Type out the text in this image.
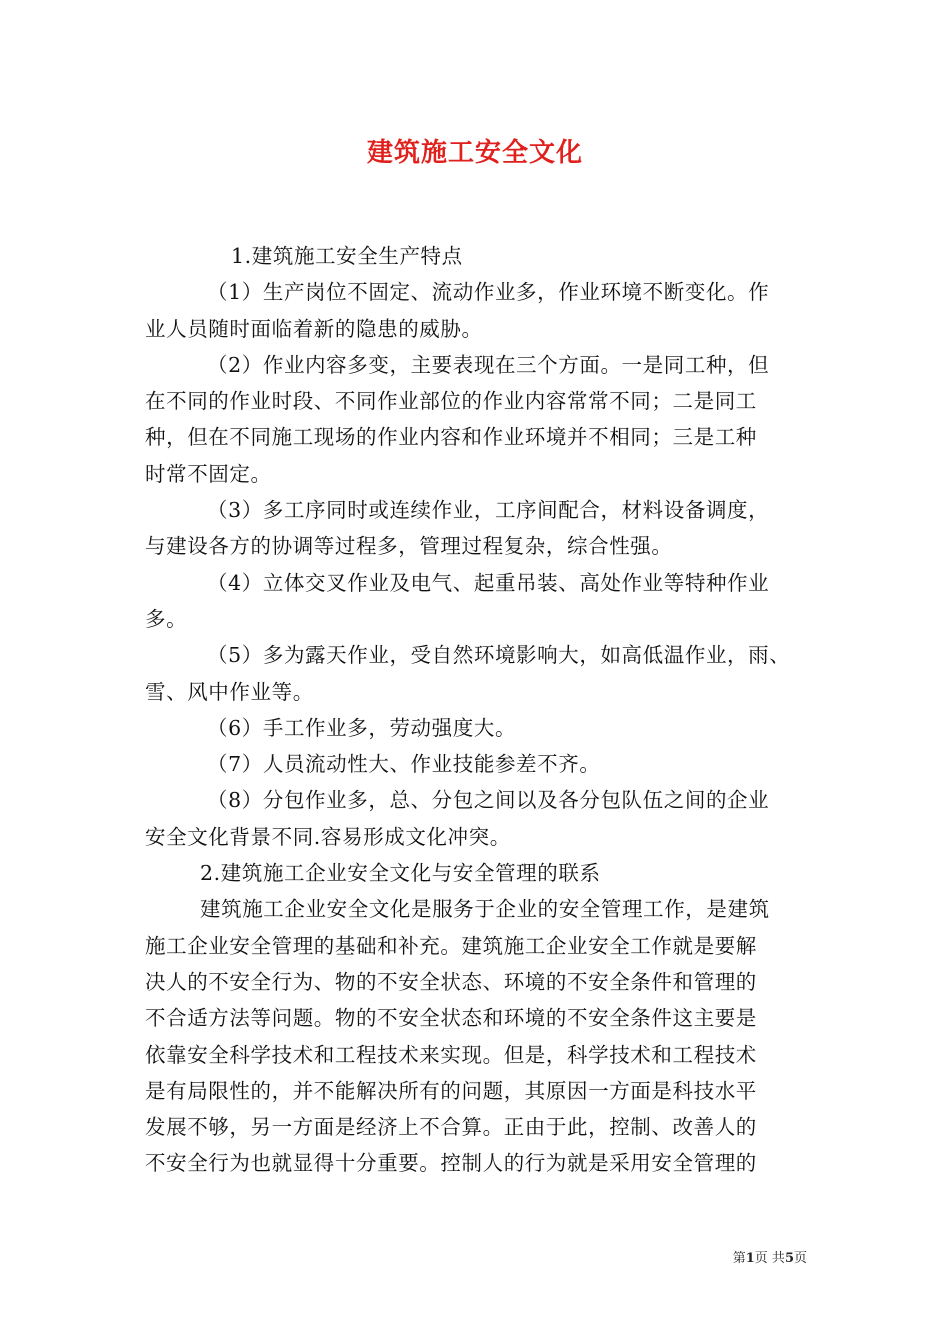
建筑施工安全文化
1.建筑施工安全生产特点
（1）生产岗位不固定、流动作业多，作业环境不断变化。作
业人员随时面临着新的隐患的威胁。
（2）作业内容多变，主要表现在三个方面。一是同工种，但
在不同的作业时段、不同作业部位的作业内容常常不同；二是同工
种，但在不同施工现场的作业内容和作业环境并不相同；三是工种
时常不固定。
（3）多工序同时或连续作业，工序间配合，材料设备调度，
与建设各方的协调等过程多，管理过程复杂，综合性强。
（4）立体交叉作业及电气、起重吊装、高处作业等特种作业
多。
（5）多为露天作业，受自然环境影响大，如高低温作业，雨、
雪、风中作业等。
（6）手工作业多，劳动强度大。
（7）人员流动性大、作业技能参差不齐。
（8）分包作业多，总、分包之间以及各分包队伍之间的企业
安全文化背景不同.容易形成文化冲突。
2.建筑施工企业安全文化与安全管理的联系
建筑施工企业安全文化是服务于企业的安全管理工作，是建筑
施工企业安全管理的基础和补充。建筑施工企业安全工作就是要解
决人的不安全行为、物的不安全状态、环境的不安全条件和管理的
不合适方法等问题。物的不安全状态和环境的不安全条件这主要是
依靠安全科学技术和工程技术来实现。但是，科学技术和工程技术
是有局限性的，并不能解决所有的问题，其原因一方面是科技水平
发展不够，另一方面是经济上不合算。正由于此，控制、改善人的
不安全行为也就显得十分重要。控制人的行为就是采用安全管理的
第1页 共5页
